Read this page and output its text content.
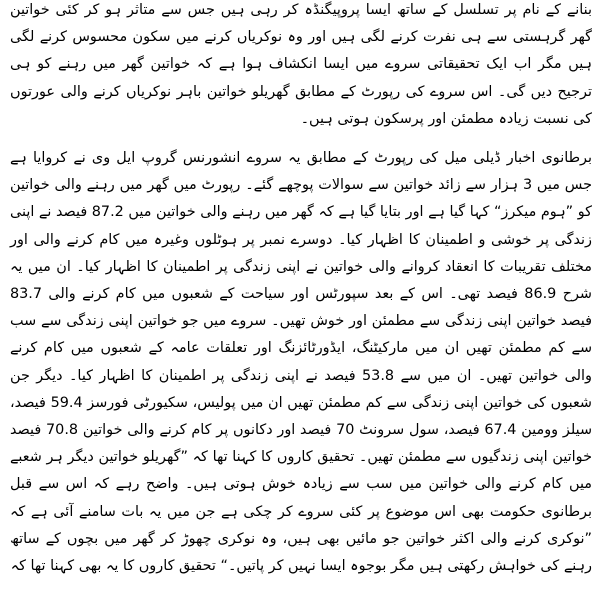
بنانے کے نام پر تسلسل کے ساتھ ایسا پروپیگنڈہ کر رہی ہیں جس سے متاثر ہو کر کئی خواتین گھر گرہستی سے ہی نفرت کرنے لگی ہیں اور وہ نوکریاں کرنے میں سکون محسوس کرنے لگی ہیں مگر اب ایک تحقیقاتی سروے میں ایسا انکشاف ہوا ہے کہ خواتین گھر میں رہنے کو ہی ترجیح دیں گی۔ اس سروے کی رپورٹ کے مطابق گھریلو خواتین باہر نوکریاں کرنے والی عورتوں کی نسبت زیادہ مطمئن اور پرسکون ہوتی ہیں۔

برطانوی اخبار ڈیلی میل کی رپورٹ کے مطابق یہ سروے انشورنس گروپ ایل وی نے کروایا ہے جس میں 3 ہزار سے زائد خواتین سے سوالات پوچھے گئے۔ رپورٹ میں گھر میں رہنے والی خواتین کو ”ہوم میکرز“ کہا گیا ہے اور بتایا گیا ہے کہ گھر میں رہنے والی خواتین میں 87.2 فیصد نے اپنی زندگی پر خوشی و اطمینان کا اظہار کیا۔ دوسرے نمبر پر ہوٹلوں وغیرہ میں کام کرنے والی اور مختلف تقریبات کا انعقاد کروانے والی خواتین نے اپنی زندگی پر اطمینان کا اظہار کیا۔ ان میں یہ شرح 86.9 فیصد تھی۔ اس کے بعد سپورٹس اور سیاحت کے شعبوں میں کام کرنے والی 83.7 فیصد خواتین اپنی زندگی سے مطمئن اور خوش تھیں۔ سروے میں جو خواتین اپنی زندگی سے سب سے کم مطمئن تھیں ان میں مارکیٹنگ، ایڈورٹائزنگ اور تعلقات عامہ کے شعبوں میں کام کرنے والی خواتین تھیں۔ ان میں سے 53.8 فیصد نے اپنی زندگی پر اطمینان کا اظہار کیا۔ دیگر جن شعبوں کی خواتین اپنی زندگی سے کم مطمئن تھیں ان میں پولیس، سکیورٹی فورسز 59.4 فیصد، سیلز وومین 67.4 فیصد، سول سرونٹ 70 فیصد اور دکانوں پر کام کرنے والی خواتین 70.8 فیصد خواتین اپنی زندگیوں سے مطمئن تھیں۔ تحقیق کاروں کا کہنا تھا کہ ”گھریلو خواتین دیگر ہر شعبے میں کام کرنے والی خواتین میں سب سے زیادہ خوش ہوتی ہیں۔ واضح رہے کہ اس سے قبل برطانوی حکومت بھی اس موضوع پر کئی سروے کر چکی ہے جن میں یہ بات سامنے آئی ہے کہ ”نوکری کرنے والی اکثر خواتین جو مائیں بھی ہیں، وہ نوکری چھوڑ کر گھر میں بچوں کے ساتھ رہنے کی خواہش رکھتی ہیں مگر بوجوہ ایسا نہیں کر پاتیں۔“ تحقیق کاروں کا یہ بھی کہنا تھا کہ
